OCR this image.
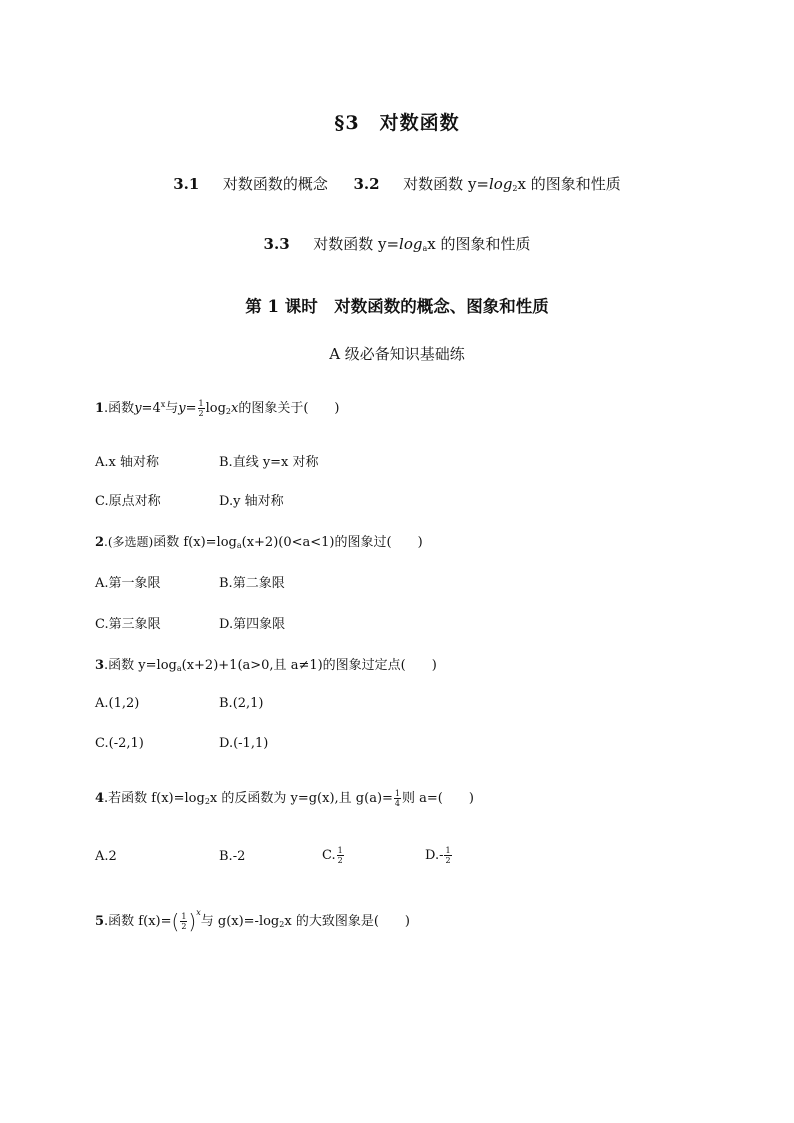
§3　对数函数
3.1 对数函数的概念 3.2 对数函数 $y=\log_2x$ 的图象和性质
3.3 对数函数 $y=\log_ax$ 的图象和性质
第 1 课时　对数函数的概念、图象和性质
A 级必备知识基础练
1.函数$y=4^x$与$y= \frac{1}{2} \log_2x$的图象关于(　　)
A.x 轴对称	B.直线 y=x 对称
C.原点对称	D.y 轴对称
2.(多选题)函数 $f(x)=\log_a(x+2)(0<a<1)$的图象过(　　)
A.第一象限	B.第二象限
C.第三象限	D.第四象限
3.函数 $y=\log_a(x+2)+1(a>0$,且 a≠1)的图象过定点(　　)
A.(1,2)	B.(2,1)
C.(-2,1)	D.(-1,1)
4.若函数 $f(x)=\log_2x$ 的反函数为 y=g(x),且 $g(a)= \frac{1}{4}$ 则 a=(　　)
A.2	B.-2	C. $\frac{1}{2}$	$D.- \frac{1}{2}$
5.函数 $f(x)=( \frac{1}{2} )^x$与 $g(x)=-\log_2x$ 的大致图象是(　　)
